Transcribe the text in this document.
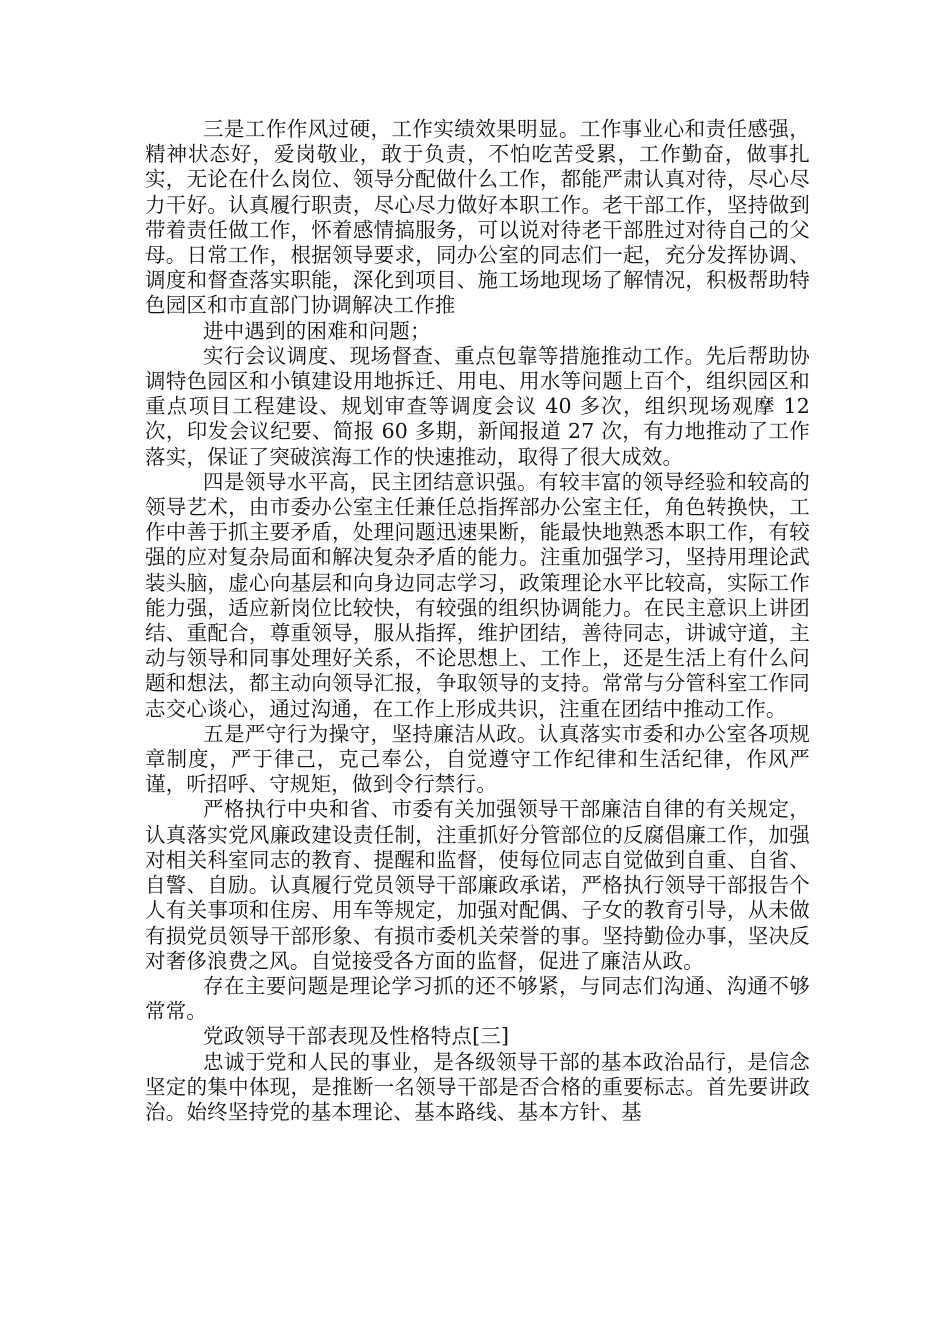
三是工作作风过硬，工作实绩效果明显。工作事业心和责任感强，精神状态好，爱岗敬业，敢于负责，不怕吃苦受累，工作勤奋，做事扎实，无论在什么岗位、领导分配做什么工作，都能严肃认真对待，尽心尽力干好。认真履行职责，尽心尽力做好本职工作。老干部工作，坚持做到带着责任做工作，怀着感情搞服务，可以说对待老干部胜过对待自己的父母。日常工作，根据领导要求，同办公室的同志们一起，充分发挥协调、调度和督查落实职能，深化到项目、施工场地现场了解情况，积极帮助特色园区和市直部门协调解决工作推

进中遇到的困难和问题；

实行会议调度、现场督查、重点包靠等措施推动工作。先后帮助协调特色园区和小镇建设用地拆迁、用电、用水等问题上百个，组织园区和重点项目工程建设、规划审查等调度会议 40 多次，组织现场观摩 12 次，印发会议纪要、简报 60 多期，新闻报道 27 次，有力地推动了工作落实，保证了突破滨海工作的快速推动，取得了很大成效。

四是领导水平高，民主团结意识强。有较丰富的领导经验和较高的领导艺术，由市委办公室主任兼任总指挥部办公室主任，角色转换快，工作中善于抓主要矛盾，处理问题迅速果断，能最快地熟悉本职工作，有较强的应对复杂局面和解决复杂矛盾的能力。注重加强学习，坚持用理论武装头脑，虚心向基层和向身边同志学习，政策理论水平比较高，实际工作能力强，适应新岗位比较快，有较强的组织协调能力。在民主意识上讲团结、重配合，尊重领导，服从指挥，维护团结，善待同志，讲诚守道，主动与领导和同事处理好关系，不论思想上、工作上，还是生活上有什么问题和想法，都主动向领导汇报，争取领导的支持。常常与分管科室工作同志交心谈心，通过沟通，在工作上形成共识，注重在团结中推动工作。

五是严守行为操守，坚持廉洁从政。认真落实市委和办公室各项规章制度，严于律己，克己奉公，自觉遵守工作纪律和生活纪律，作风严谨，听招呼、守规矩，做到令行禁行。

严格执行中央和省、市委有关加强领导干部廉洁自律的有关规定，认真落实党风廉政建设责任制，注重抓好分管部位的反腐倡廉工作，加强对相关科室同志的教育、提醒和监督，使每位同志自觉做到自重、自省、自警、自励。认真履行党员领导干部廉政承诺，严格执行领导干部报告个人有关事项和住房、用车等规定，加强对配偶、子女的教育引导，从未做有损党员领导干部形象、有损市委机关荣誉的事。坚持勤俭办事，坚决反对奢侈浪费之风。自觉接受各方面的监督，促进了廉洁从政。

存在主要问题是理论学习抓的还不够紧，与同志们沟通、沟通不够常常。

党政领导干部表现及性格特点[三]

忠诚于党和人民的事业，是各级领导干部的基本政治品行，是信念坚定的集中体现，是推断一名领导干部是否合格的重要标志。首先要讲政治。始终坚持党的基本理论、基本路线、基本方针、基
